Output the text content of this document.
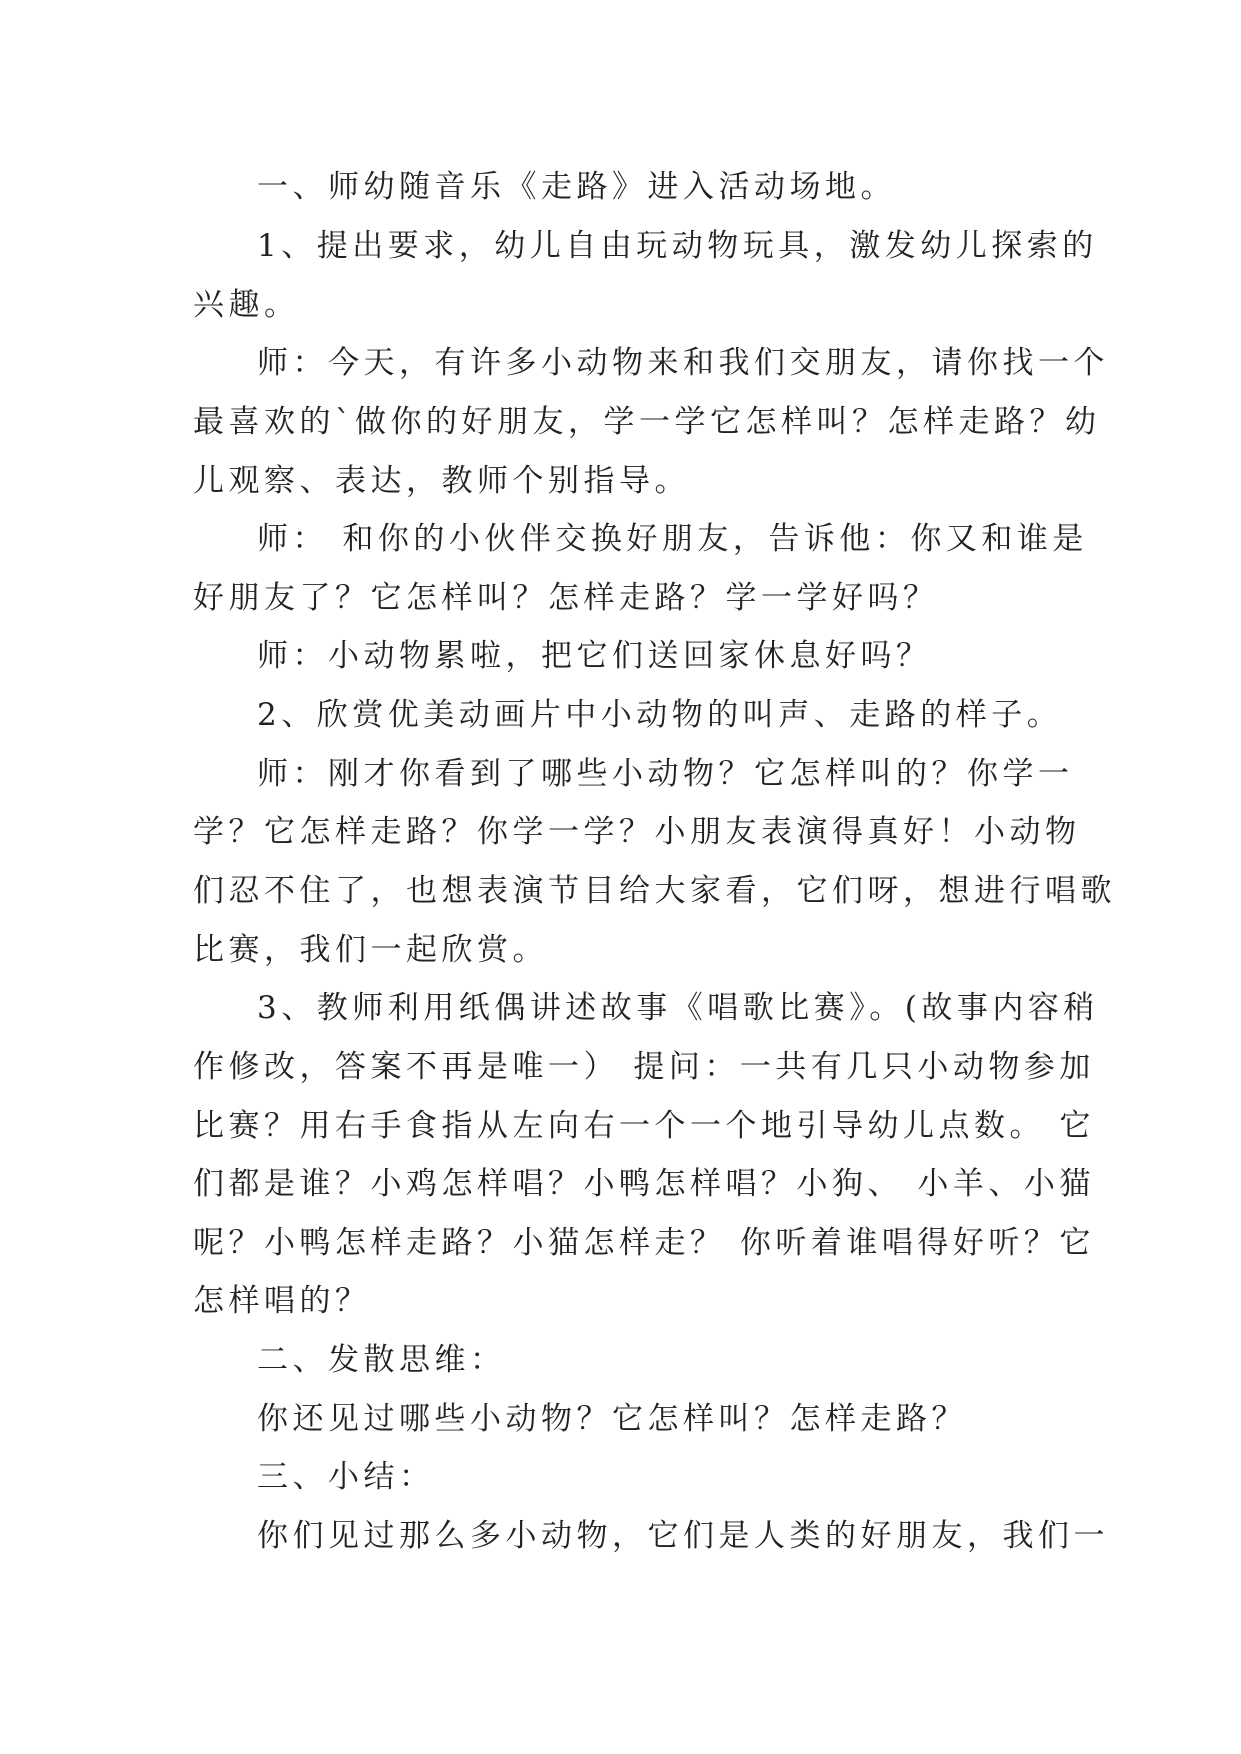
一、师幼随音乐《走路》进入活动场地。

1、提出要求，幼儿自由玩动物玩具，激发幼儿探索的

兴趣。

师：今天，有许多小动物来和我们交朋友，请你找一个

最喜欢的`做你的好朋友，学一学它怎样叫？怎样走路？幼

儿观察、表达，教师个别指导。

师： 和你的小伙伴交换好朋友，告诉他：你又和谁是

好朋友了？它怎样叫？怎样走路？学一学好吗？

师：小动物累啦，把它们送回家休息好吗？

2、欣赏优美动画片中小动物的叫声、走路的样子。

师：刚才你看到了哪些小动物？它怎样叫的？你学一

学？它怎样走路？你学一学？小朋友表演得真好！小动物

们忍不住了，也想表演节目给大家看，它们呀，想进行唱歌

比赛，我们一起欣赏。

3、教师利用纸偶讲述故事《唱歌比赛》。(故事内容稍

作修改，答案不再是唯一） 提问：一共有几只小动物参加

比赛？用右手食指从左向右一个一个地引导幼儿点数。 它

们都是谁？小鸡怎样唱？小鸭怎样唱？小狗、 小羊、小猫

呢？小鸭怎样走路？小猫怎样走？ 你听着谁唱得好听？它

怎样唱的？

二、发散思维：

你还见过哪些小动物？它怎样叫？怎样走路？

三、小结：

你们见过那么多小动物，它们是人类的好朋友，我们一
